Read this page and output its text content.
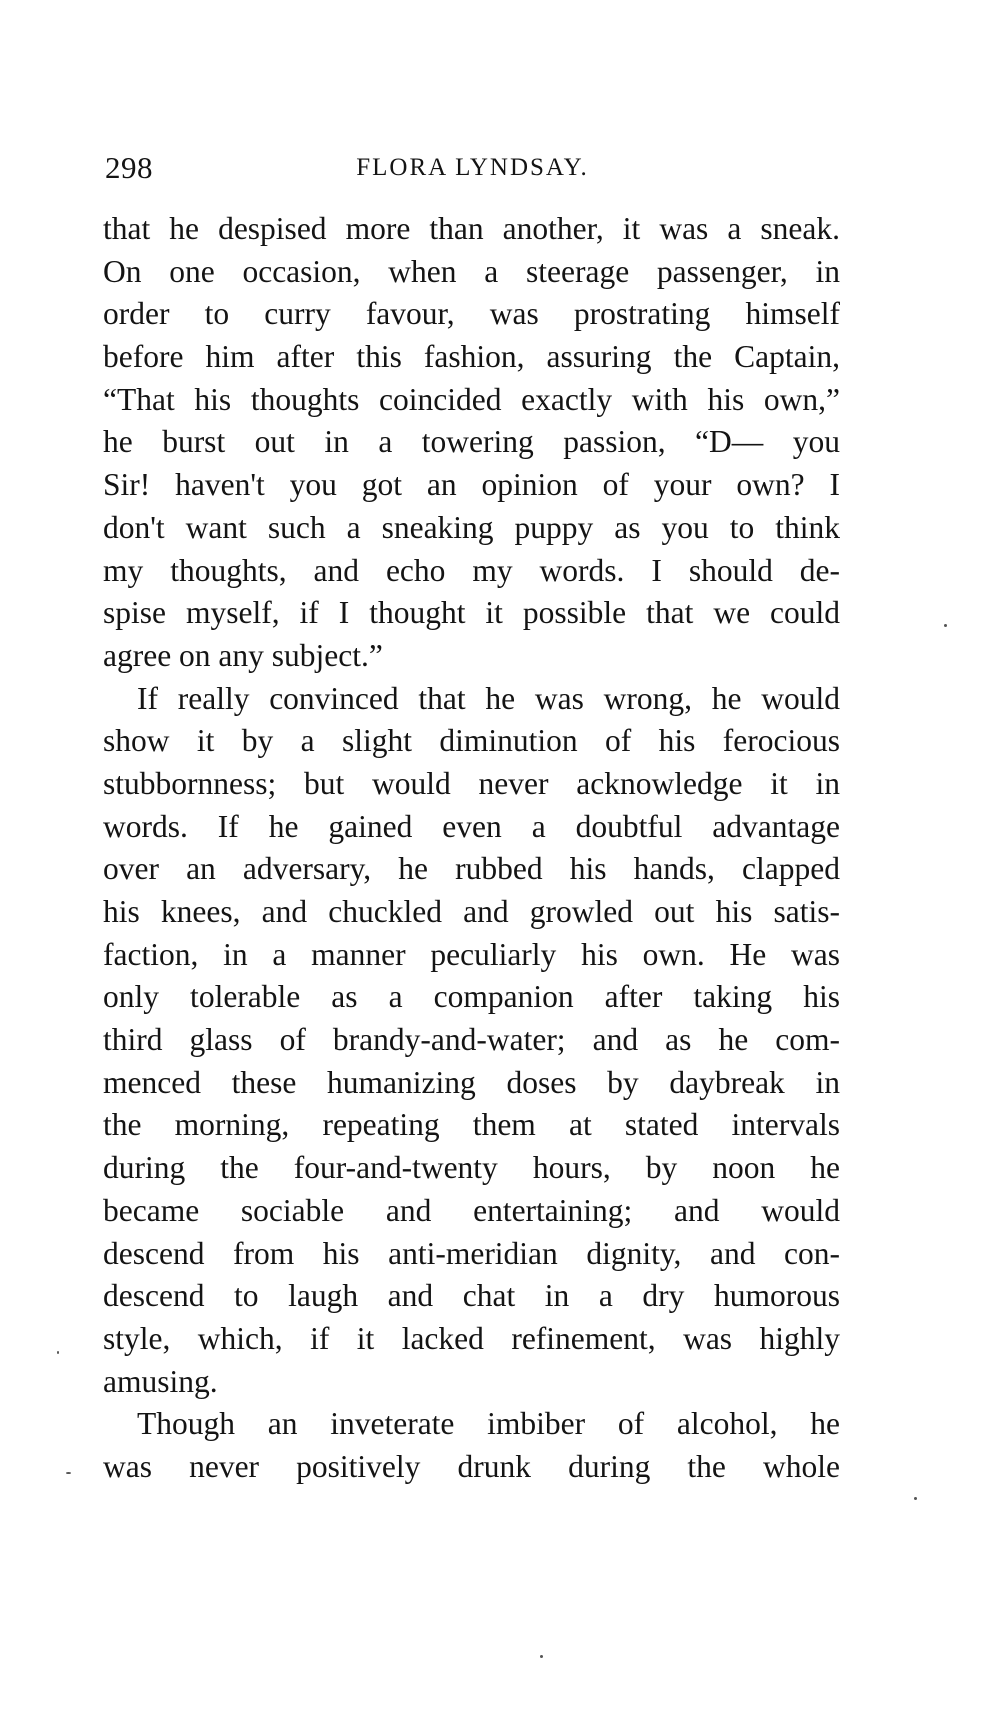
298	FLORA LYNDSAY.
that he despised more than another, it was a sneak.
On one occasion, when a steerage passenger, in
order to curry favour, was prostrating himself
before him after this fashion, assuring the Captain,
“That his thoughts coincided exactly with his own,”
he burst out in a towering passion, “D— you
Sir! haven't you got an opinion of your own? I
don't want such a sneaking puppy as you to think
my thoughts, and echo my words. I should de-
spise myself, if I thought it possible that we could
agree on any subject.”
If really convinced that he was wrong, he would
show it by a slight diminution of his ferocious
stubbornness; but would never acknowledge it in
words. If he gained even a doubtful advantage
over an adversary, he rubbed his hands, clapped
his knees, and chuckled and growled out his satis-
faction, in a manner peculiarly his own. He was
only tolerable as a companion after taking his
third glass of brandy-and-water; and as he com-
menced these humanizing doses by daybreak in
the morning, repeating them at stated intervals
during the four-and-twenty hours, by noon he
became sociable and entertaining; and would
descend from his anti-meridian dignity, and con-
descend to laugh and chat in a dry humorous
style, which, if it lacked refinement, was highly
amusing.
Though an inveterate imbiber of alcohol, he
was never positively drunk during the whole
